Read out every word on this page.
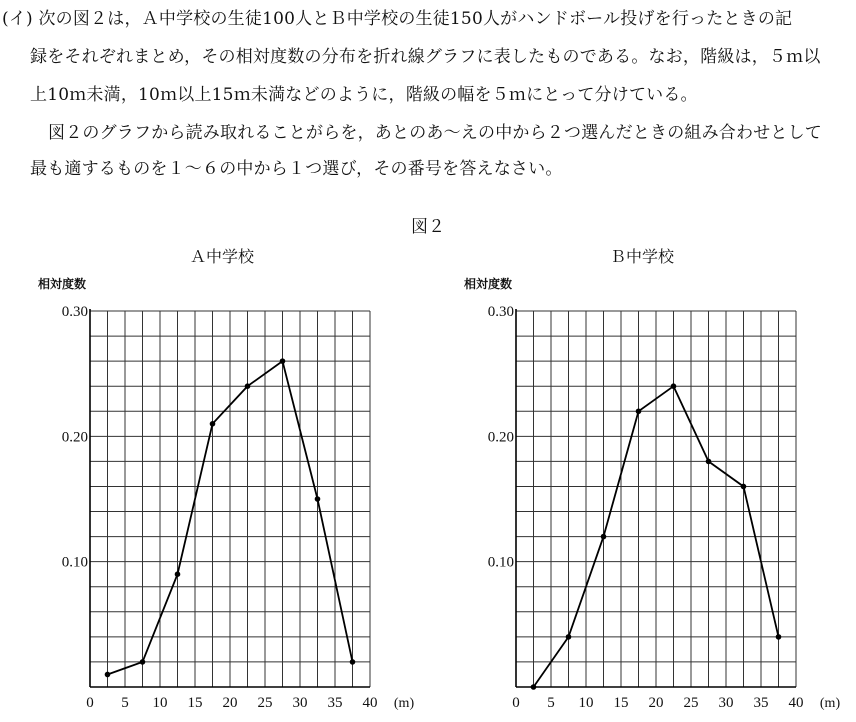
(イ) 次の図２は，Ａ中学校の生徒100人とＢ中学校の生徒150人がハンドボール投げを行ったときの記
録をそれぞれまとめ，その相対度数の分布を折れ線グラフに表したものである。なお，階級は，５ｍ以
上10ｍ未満，10ｍ以上15ｍ未満などのように，階級の幅を５ｍにとって分けている。
図２のグラフから読み取れることがらを，あとのあ～えの中から２つ選んだときの組み合わせとして
最も適するものを１～６の中から１つ選び，その番号を答えなさい。
図２
Ａ中学校	Ｂ中学校
相対度数	相対度数
0 5 10 15 20 25 30 35 40 (m)
0.10
0.20
0.30
0 5 10 15 20 25 30 35 40 (m)
0.10
0.20
0.30
